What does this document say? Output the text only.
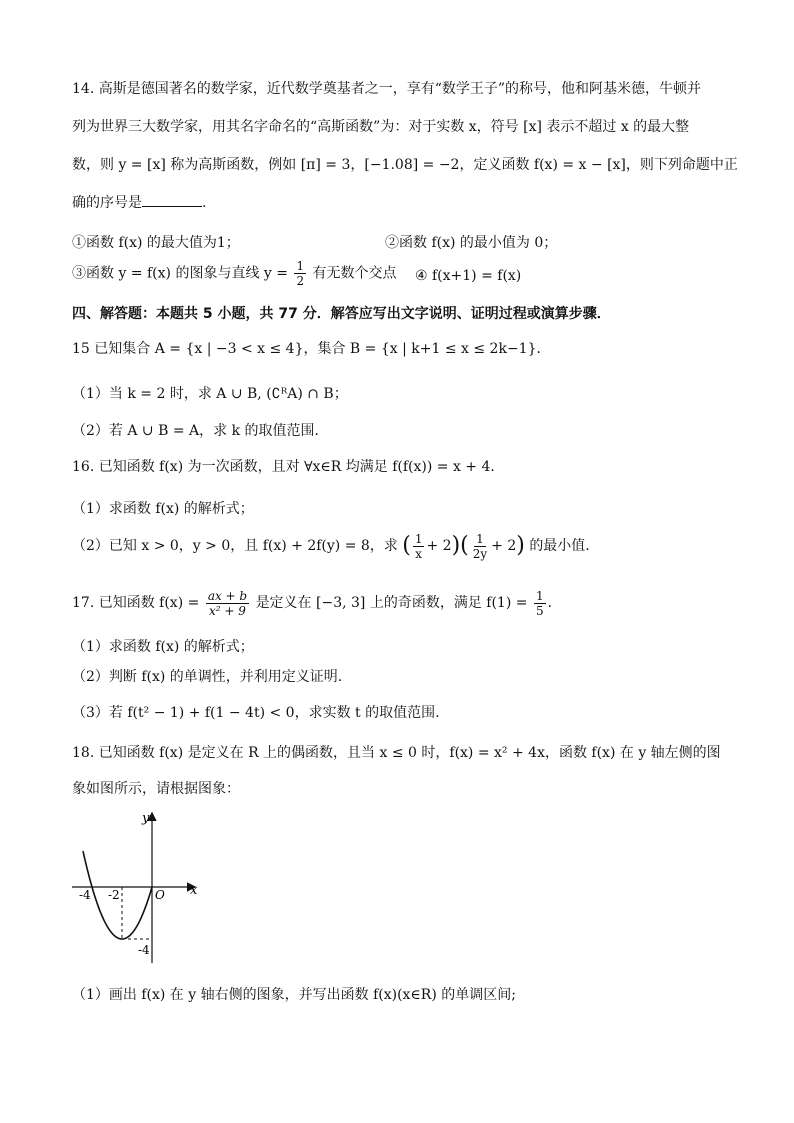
14. 高斯是德国著名的数学家，近代数学奠基者之一，享有“数学王子”的称号，他和阿基米德，牛顿并
列为世界三大数学家，用其名字命名的“高斯函数”为：对于实数 x，符号 [x] 表示不超过 x 的最大整
数，则 y = [x] 称为高斯函数，例如 [π] = 3，[−1.08] = −2，定义函数 f(x) = x − [x]，则下列命题中正
确的序号是	.
①函数 f(x) 的最大值为1；	②函数 f(x) 的最小值为 0；
③函数 y = f(x) 的图象与直线 $y = \frac{1}{2}$ 有无数个交点 ④ f(x+1) = f(x)
四、解答题：本题共 5 小题，共 77 分．解答应写出文字说明、证明过程或演算步骤．
15 已知集合 A = {x | −3 < x ≤ 4}，集合 B = {x | k+1 ≤ x ≤ 2k−1}．
（1）当 k = 2 时，求 A ∪ B, (∁ᴿA) ∩ B；
（2）若 A ∪ B = A，求 k 的取值范围．
16. 已知函数 f(x) 为一次函数，且对 ∀x∈R 均满足 f(f(x)) = x + 4．
（1）求函数 f(x) 的解析式；
（2）已知 x > 0，y > 0，且 f(x) + 2f(y) = 8，求 ( $\frac{1}{x} + 2)( \frac{1}{2y} + 2)$ 的最小值.
17. 已知函数 $f(x) = \frac{ax + b}{\text{x² + 9}}$ 是定义在 [−3, 3] 上的奇函数，满足 $f(1) = \frac{1}{5}$ .
（1）求函数 f(x) 的解析式；
（2）判断 f(x) 的单调性，并利用定义证明.
（3）若 f(t² − 1) + f(1 − 4t) < 0，求实数 t 的取值范围.
18. 已知函数 f(x) 是定义在 R 上的偶函数，且当 x ≤ 0 时，f(x) = x² + 4x，函数 f(x) 在 y 轴左侧的图
象如图所示，请根据图象：
y
x
O
-4 -2
-4
（1）画出 f(x) 在 y 轴右侧的图象，并写出函数 f(x)(x∈R) 的单调区间;
